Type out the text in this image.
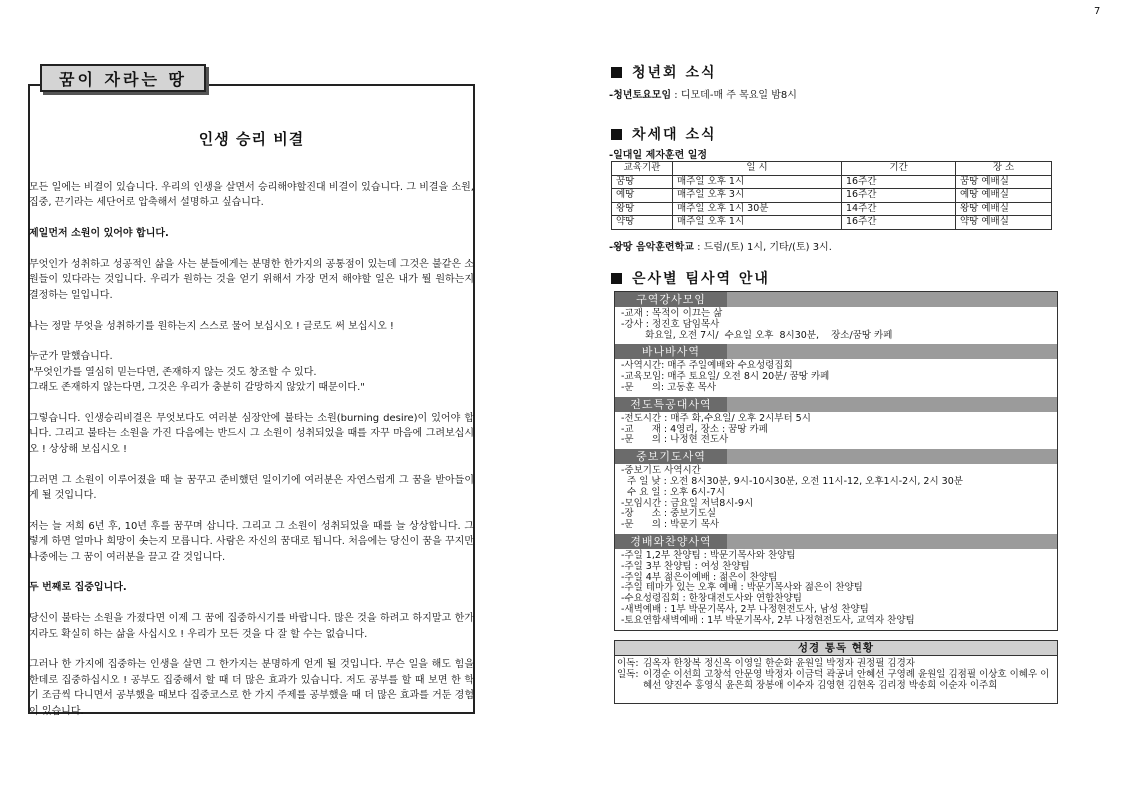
7
꿈이 자라는 땅
인생 승리 비결

모든 일에는 비결이 있습니다. 우리의 인생을 살면서 승리해야할진대 비결이 있습니다. 그 비결을 소원, 집중, 끈기라는 세단어로 압축해서 설명하고 싶습니다.

제일먼저 소원이 있어야 합니다.

무엇인가 성취하고 성공적인 삶을 사는 분들에게는 분명한 한가지의 공통점이 있는데 그것은 불같은 소원들이 있다라는 것입니다. 우리가 원하는 것을 얻기 위해서 가장 먼저 해야할 일은 내가 뭘 원하는지 결정하는 일입니다.

나는 정말 무엇을 성취하기를 원하는지 스스로 물어 보십시오 ! 글로도 써 보십시오 !

누군가 말했습니다.

"무엇인가를 열심히 믿는다면, 존재하지 않는 것도 창조할 수 있다.

그래도 존재하지 않는다면, 그것은 우리가 충분히 갈망하지 않았기 때문이다."

그렇습니다. 인생승리비결은 무엇보다도 여러분 심장안에 불타는 소원(burning desire)이 있어야 합니다. 그리고 불타는 소원을 가진 다음에는 반드시 그 소원이 성취되었을 때를 자꾸 마음에 그려보십시오 ! 상상해 보십시오 !

그러면 그 소원이 이루어졌을 때 늘 꿈꾸고 준비했던 일이기에 여러분은 자연스럽게 그 꿈을 받아들이게 될 것입니다.

저는 늘 저희 6년 후, 10년 후를 꿈꾸며 삽니다. 그리고 그 소원이 성취되었을 때를 늘 상상합니다. 그렇게 하면 얼마나 희망이 솟는지 모릅니다. 사람은 자신의 꿈대로 됩니다. 처음에는 당신이 꿈을 꾸지만 나중에는 그 꿈이 여러분을 끌고 갈 것입니다.

두 번째로 집중입니다.

당신이 불타는 소원을 가졌다면 이제 그 꿈에 집중하시기를 바랍니다. 많은 것을 하려고 하지말고 한가지라도 확실히 하는 삶을 사십시오 ! 우리가 모든 것을 다 잘 할 수는 없습니다.

그러나 한 가지에 집중하는 인생을 살면 그 한가지는 분명하게 얻게 될 것입니다. 무슨 일을 해도 힘을 한데로 집중하십시오 ! 공부도 집중해서 할 때 더 많은 효과가 있습니다. 저도 공부를 할 때 보면 한 학기 조금씩 다니면서 공부했을 때보다 집중코스로 한 가지 주제를 공부했을 때 더 많은 효과를 거둔 경험이 있습니다.

청년회 소식
-청년토요모임 : 디모데-매 주 목요일 밤8시
차세대 소식
-일대일 제자훈련 일정
교육기관	일 시	기간	장 소
꿈땅	매주일 오후 1시	16주간	꿈땅 예배실
예땅	매주일 오후 3시	16주간	예땅 예배실
왕땅	매주일 오후 1시 30분	14주간	왕땅 예배실
약땅	매주일 오후 1시	16주간	약땅 예배실
-왕땅 음악훈련학교 : 드럼/(토) 1시, 기타/(토) 3시.
은사별 팀사역 안내
구역강사모임
-교재 : 목적이 이끄는 삶
-강사 : 정진호 담임목사
화요일, 오전 7시/  수요일 오후  8시30분,    장소/꿈땅 카페
바나바사역
-사역시간: 매주 주일예배와 수요성령집회
-교육모임: 매주 토요일/ 오전 8시 20분/ 꿈땅 카페
-문      의: 고동훈 목사
전도특공대사역
-전도시간 : 매주 화,수요일/ 오후 2시부터 5시
-교      재 : 4영리, 장소 : 꿈땅 카페
-문      의 : 나정현 전도사
중보기도사역
-중보기도 사역시간
주 일 낮 : 오전 8시30분, 9시-10시30분, 오전 11시-12, 오후1시-2시, 2시 30분
수 요 일 : 오후 6시-7시
-모임시간 : 금요일 저녁8시-9시
-장      소 : 중보기도실
-문      의 : 박문기 목사
경배와찬양사역
-주일 1,2부 찬양팀 : 박문기목사와 찬양팀
-주일 3부 찬양팀 : 여성 찬양팀
-주일 4부 젊은이예배 : 젊은이 찬양팀
-주일 테마가 있는 오후 예배 : 박문기목사와 젊은이 찬양팀
-수요성령집회 : 한창대전도사와 연합찬양팀
-새벽예배 : 1부 박문기목사, 2부 나정현전도사, 남성 찬양팀
-토요연합새벽예배 : 1부 박문기목사, 2부 나정현전도사, 교역자 찬양팀
성경 통독 현황
이독: 김옥자 한창복 정신옥 이영일 한순화 윤원일 박정자 권정필 김경자
일독: 이경순 이선희 고창석 안문영 박정자 이금덕 곽공녀 안혜선 구영례 윤원일 김점필 이상호 이혜우 이혜선 양진수 홍영식 윤은희 장봉애 이수자 김영현 김현옥 김리정 박송희 이순자 이주희
